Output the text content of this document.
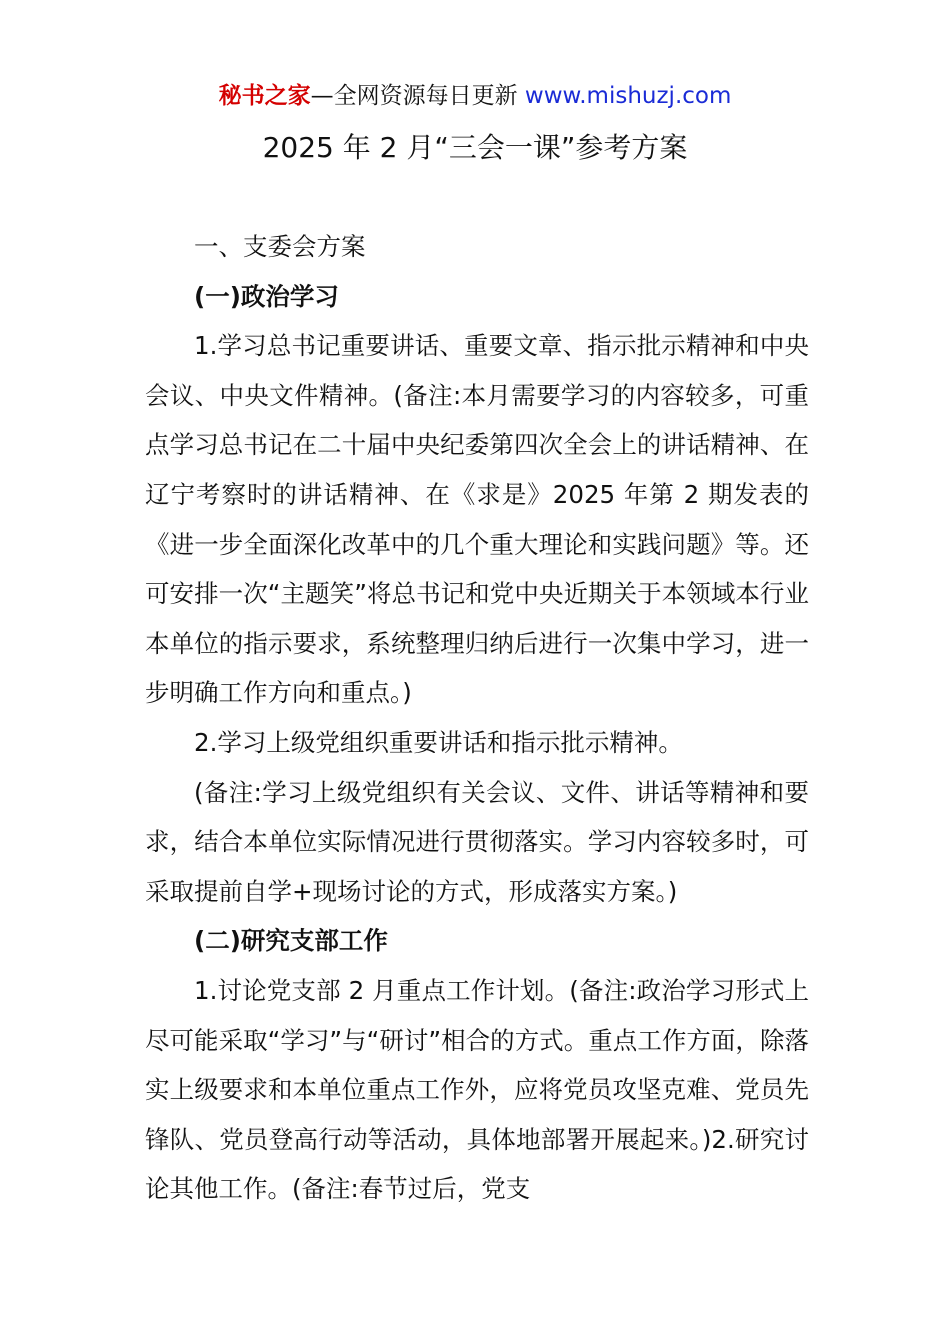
秘书之家—全网资源每日更新 www.mishuzj.com
2025 年 2 月“三会一课”参考方案

一、支委会方案

(一)政治学习

1.学习总书记重要讲话、重要文章、指示批示精神和中央会议、中央文件精神。(备注:本月需要学习的内容较多，可重点学习总书记在二十届中央纪委第四次全会上的讲话精神、在辽宁考察时的讲话精神、在《求是》2025 年第 2 期发表的《进一步全面深化改革中的几个重大理论和实践问题》等。还可安排一次“主题笑”将总书记和党中央近期关于本领域本行业本单位的指示要求，系统整理归纳后进行一次集中学习，进一步明确工作方向和重点。)

2.学习上级党组织重要讲话和指示批示精神。

(备注:学习上级党组织有关会议、文件、讲话等精神和要求，结合本单位实际情况进行贯彻落实。学习内容较多时，可采取提前自学+现场讨论的方式，形成落实方案。)

(二)研究支部工作

1.讨论党支部 2 月重点工作计划。(备注:政治学习形式上尽可能采取“学习”与“研讨”相合的方式。重点工作方面，除落实上级要求和本单位重点工作外，应将党员攻坚克难、党员先锋队、党员登高行动等活动，具体地部署开展起来。)2.研究讨论其他工作。(备注:春节过后，党支
